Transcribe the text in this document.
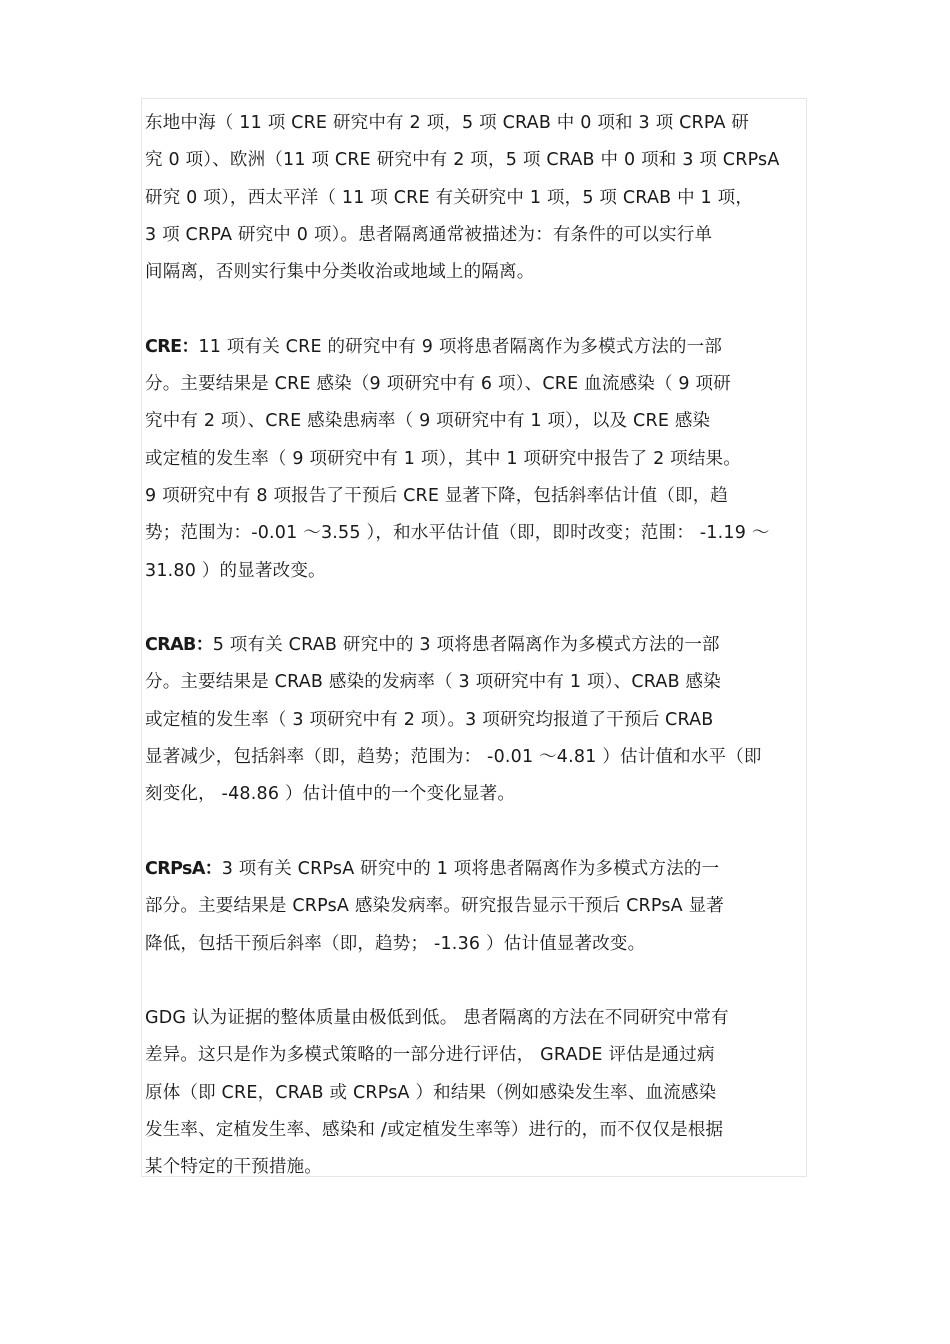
东地中海（ 11 项 CRE 研究中有 2 项，5 项 CRAB 中 0 项和 3 项 CRPA 研
究 0 项）、欧洲（11 项 CRE 研究中有 2 项，5 项 CRAB 中 0 项和 3 项 CRPsA
研究 0 项），西太平洋（ 11 项 CRE 有关研究中 1 项，5 项 CRAB 中 1 项，
3 项 CRPA 研究中 0 项）。患者隔离通常被描述为：有条件的可以实行单
间隔离，否则实行集中分类收治或地域上的隔离。

CRE：11 项有关 CRE 的研究中有 9 项将患者隔离作为多模式方法的一部
分。主要结果是 CRE 感染（9 项研究中有 6 项）、CRE 血流感染（ 9 项研
究中有 2 项）、CRE 感染患病率（ 9 项研究中有 1 项），以及 CRE 感染
或定植的发生率（ 9 项研究中有 1 项），其中 1 项研究中报告了 2 项结果。
9 项研究中有 8 项报告了干预后 CRE 显著下降，包括斜率估计值（即，趋
势；范围为：-0.01 ～3.55 ），和水平估计值（即，即时改变；范围： -1.19 ～
31.80 ）的显著改变。

CRAB：5 项有关 CRAB 研究中的 3 项将患者隔离作为多模式方法的一部
分。主要结果是 CRAB 感染的发病率（ 3 项研究中有 1 项）、CRAB 感染
或定植的发生率（ 3 项研究中有 2 项）。3 项研究均报道了干预后 CRAB
显著减少，包括斜率（即，趋势；范围为： -0.01 ～4.81 ）估计值和水平（即
刻变化， -48.86 ）估计值中的一个变化显著。

CRPsA：3 项有关 CRPsA 研究中的 1 项将患者隔离作为多模式方法的一
部分。主要结果是 CRPsA 感染发病率。研究报告显示干预后 CRPsA 显著
降低，包括干预后斜率（即，趋势； -1.36 ）估计值显著改变。

GDG 认为证据的整体质量由极低到低。 患者隔离的方法在不同研究中常有
差异。这只是作为多模式策略的一部分进行评估， GRADE 评估是通过病
原体（即 CRE，CRAB 或 CRPsA ）和结果（例如感染发生率、血流感染
发生率、定植发生率、感染和 /或定植发生率等）进行的，而不仅仅是根据
某个特定的干预措施。
